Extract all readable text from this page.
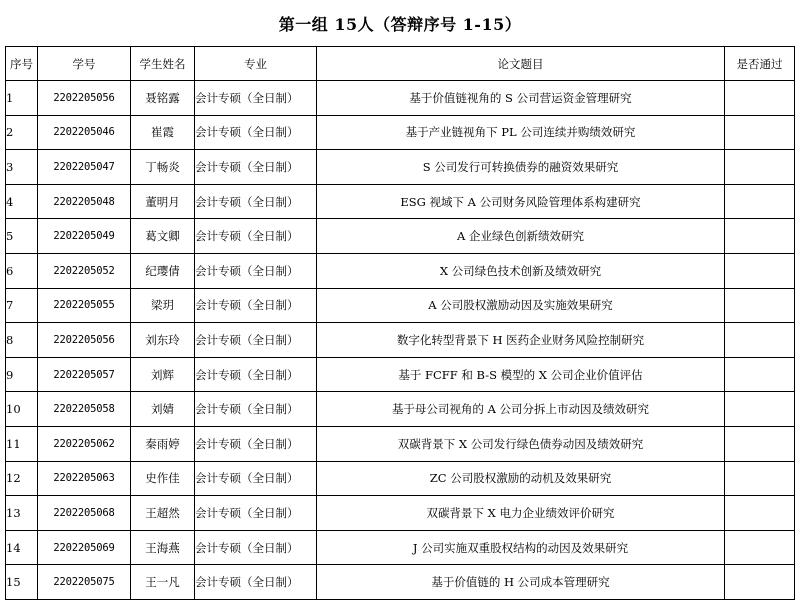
第一组 15人（答辩序号 1-15）
序号	学号	学生姓名	专业	论文题目	是否通过
1	2202205056	聂铭露	会计专硕（全日制）	基于价值链视角的 S 公司营运资金管理研究	
2	2202205046	崔霞	会计专硕（全日制）	基于产业链视角下 PL 公司连续并购绩效研究	
3	2202205047	丁畅炎	会计专硕（全日制）	S 公司发行可转换债券的融资效果研究	
4	2202205048	董明月	会计专硕（全日制）	ESG 视域下 A 公司财务风险管理体系构建研究	
5	2202205049	葛文卿	会计专硕（全日制）	A 企业绿色创新绩效研究	
6	2202205052	纪璎倩	会计专硕（全日制）	X 公司绿色技术创新及绩效研究	
7	2202205055	梁玥	会计专硕（全日制）	A 公司股权激励动因及实施效果研究	
8	2202205056	刘东玲	会计专硕（全日制）	数字化转型背景下 H 医药企业财务风险控制研究	
9	2202205057	刘辉	会计专硕（全日制）	基于 FCFF 和 B-S 模型的 X 公司企业价值评估	
10	2202205058	刘婧	会计专硕（全日制）	基于母公司视角的 A 公司分拆上市动因及绩效研究	
11	2202205062	秦雨婷	会计专硕（全日制）	双碳背景下 X 公司发行绿色债券动因及绩效研究	
12	2202205063	史作佳	会计专硕（全日制）	ZC 公司股权激励的动机及效果研究	
13	2202205068	王超然	会计专硕（全日制）	双碳背景下 X 电力企业绩效评价研究	
14	2202205069	王海燕	会计专硕（全日制）	J 公司实施双重股权结构的动因及效果研究	
15	2202205075	王一凡	会计专硕（全日制）	基于价值链的 H 公司成本管理研究	
